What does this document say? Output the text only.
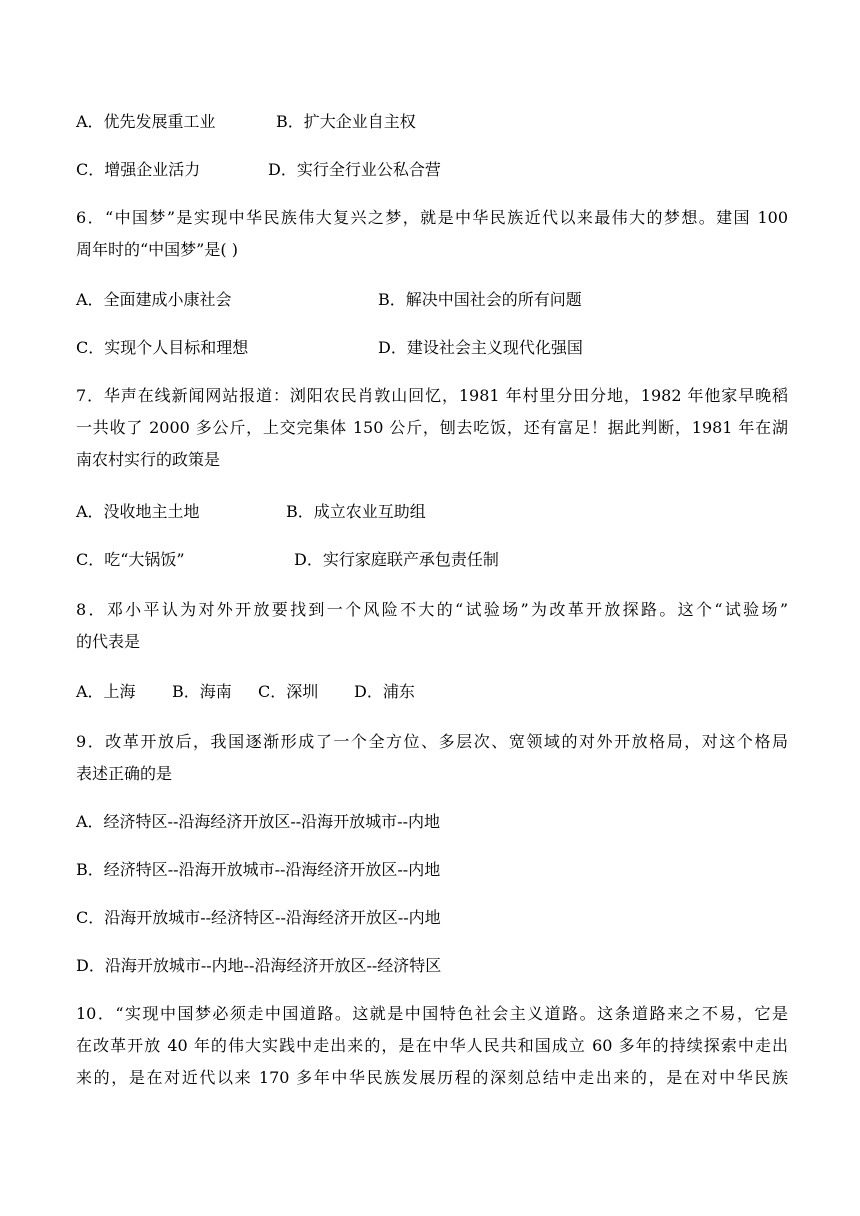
A．优先发展重工业	B．扩大企业自主权
C．增强企业活力	D．实行全行业公私合营
6．“中国梦”是实现中华民族伟大复兴之梦，就是中华民族近代以来最伟大的梦想。建国 100
周年时的“中国梦”是( )
A．全面建成小康社会	B．解决中国社会的所有问题
C．实现个人目标和理想	D．建设社会主义现代化强国
7．华声在线新闻网站报道：浏阳农民肖敦山回忆，1981 年村里分田分地，1982 年他家早晚稻
一共收了 2000 多公斤，上交完集体 150 公斤，刨去吃饭，还有富足！据此判断，1981 年在湖
南农村实行的政策是
A．没收地主土地	B．成立农业互助组
C．吃“大锅饭”	D．实行家庭联产承包责任制
8．邓小平认为对外开放要找到一个风险不大的“试验场”为改革开放探路。这个“试验场”
的代表是
A．上海 B．海南 C．深圳 D．浦东
9．改革开放后，我国逐渐形成了一个全方位、多层次、宽领域的对外开放格局，对这个格局
表述正确的是
A．经济特区--沿海经济开放区--沿海开放城市--内地
B．经济特区--沿海开放城市--沿海经济开放区--内地
C．沿海开放城市--经济特区--沿海经济开放区--内地
D．沿海开放城市--内地--沿海经济开放区--经济特区
10．“实现中国梦必须走中国道路。这就是中国特色社会主义道路。这条道路来之不易，它是
在改革开放 40 年的伟大实践中走出来的，是在中华人民共和国成立 60 多年的持续探索中走出
来的，是在对近代以来 170 多年中华民族发展历程的深刻总结中走出来的，是在对中华民族
